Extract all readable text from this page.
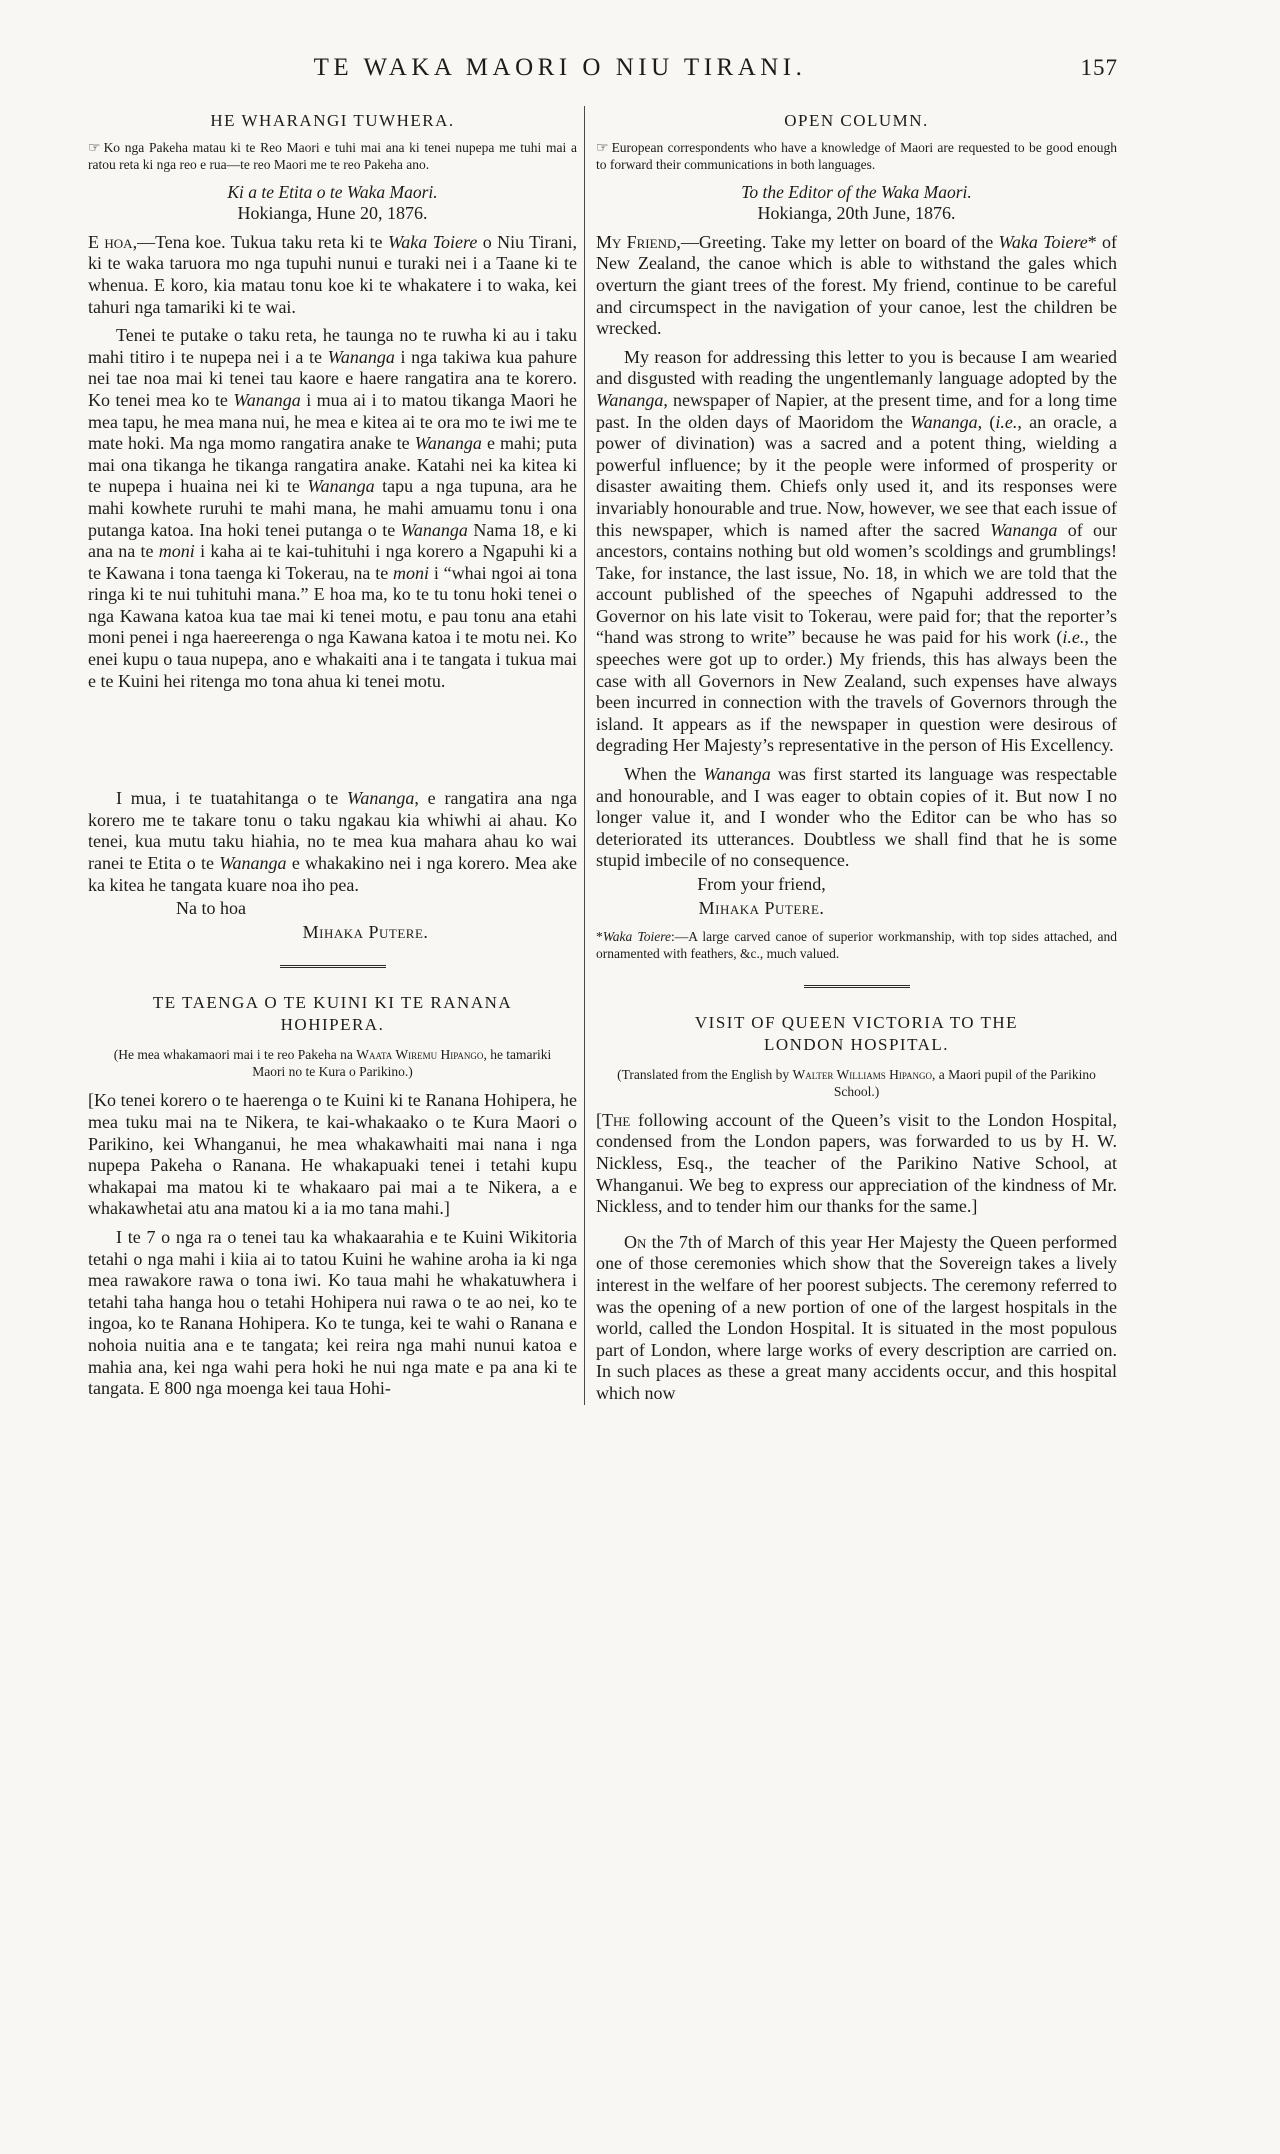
TE WAKA MAORI O NIU TIRANI.	157
HE WHARANGI TUWHERA.

☞ Ko nga Pakeha matau ki te Reo Maori e tuhi mai ana ki tenei nupepa me tuhi mai a ratou reta ki nga reo e rua—te reo Maori me te reo Pakeha ano.

Ki a te Etita o te Waka Maori.

Hokianga, Hune 20, 1876.

E hoa,—Tena koe. Tukua taku reta ki te Waka Toiere o Niu Tirani, ki te waka taruora mo nga tupuhi nunui e turaki nei i a Taane ki te whenua. E koro, kia matau tonu koe ki te whakatere i to waka, kei tahuri nga tamariki ki te wai.

Tenei te putake o taku reta, he taunga no te ruwha ki au i taku mahi titiro i te nupepa nei i a te Wananga i nga takiwa kua pahure nei tae noa mai ki tenei tau kaore e haere rangatira ana te korero. Ko tenei mea ko te Wananga i mua ai i to matou tikanga Maori he mea tapu, he mea mana nui, he mea e kitea ai te ora mo te iwi me te mate hoki. Ma nga momo rangatira anake te Wananga e mahi; puta mai ona tikanga he tikanga rangatira anake. Katahi nei ka kitea ki te nupepa i huaina nei ki te Wananga tapu a nga tupuna, ara he mahi kowhete ruruhi te mahi mana, he mahi amuamu tonu i ona putanga katoa. Ina hoki tenei putanga o te Wananga Nama 18, e ki ana na te moni i kaha ai te kai-tuhituhi i nga korero a Ngapuhi ki a te Kawana i tona taenga ki Tokerau, na te moni i “whai ngoi ai tona ringa ki te nui tuhituhi mana.” E hoa ma, ko te tu tonu hoki tenei o nga Kawana katoa kua tae mai ki tenei motu, e pau tonu ana etahi moni penei i nga haereerenga o nga Kawana katoa i te motu nei. Ko enei kupu o taua nupepa, ano e whakaiti ana i te tangata i tukua mai e te Kuini hei ritenga mo tona ahua ki tenei motu.

I mua, i te tuatahitanga o te Wananga, e rangatira ana nga korero me te takare tonu o taku ngakau kia whiwhi ai ahau. Ko tenei, kua mutu taku hiahia, no te mea kua mahara ahau ko wai ranei te Etita o te Wananga e whakakino nei i nga korero. Mea ake ka kitea he tangata kuare noa iho pea.

Na to hoa

Mihaka Putere.

TE TAENGA O TE KUINI KI TE RANANA HOHIPERA.

(He mea whakamaori mai i te reo Pakeha na Waata Wiremu Hipango, he tamariki Maori no te Kura o Parikino.)

[Ko tenei korero o te haerenga o te Kuini ki te Ranana Hohipera, he mea tuku mai na te Nikera, te kai-whakaako o te Kura Maori o Parikino, kei Whanganui, he mea whakawhaiti mai nana i nga nupepa Pakeha o Ranana. He whakapuaki tenei i tetahi kupu whakapai ma matou ki te whakaaro pai mai a te Nikera, a e whakawhetai atu ana matou ki a ia mo tana mahi.]

I te 7 o nga ra o tenei tau ka whakaarahia e te Kuini Wikitoria tetahi o nga mahi i kiia ai to tatou Kuini he wahine aroha ia ki nga mea rawakore rawa o tona iwi. Ko taua mahi he whakatuwhera i tetahi taha hanga hou o tetahi Hohipera nui rawa o te ao nei, ko te ingoa, ko te Ranana Hohipera. Ko te tunga, kei te wahi o Ranana e nohoia nuitia ana e te tangata; kei reira nga mahi nunui katoa e mahia ana, kei nga wahi pera hoki he nui nga mate e pa ana ki te tangata. E 800 nga moenga kei taua Hohi-

OPEN COLUMN.

☞ European correspondents who have a knowledge of Maori are requested to be good enough to forward their communications in both languages.

To the Editor of the Waka Maori.

Hokianga, 20th June, 1876.

My Friend,—Greeting. Take my letter on board of the Waka Toiere* of New Zealand, the canoe which is able to withstand the gales which overturn the giant trees of the forest. My friend, continue to be careful and circumspect in the navigation of your canoe, lest the children be wrecked.

My reason for addressing this letter to you is because I am wearied and disgusted with reading the ungentlemanly language adopted by the Wananga, newspaper of Napier, at the present time, and for a long time past. In the olden days of Maoridom the Wananga, (i.e., an oracle, a power of divination) was a sacred and a potent thing, wielding a powerful influence; by it the people were informed of prosperity or disaster awaiting them. Chiefs only used it, and its responses were invariably honourable and true. Now, however, we see that each issue of this newspaper, which is named after the sacred Wananga of our ancestors, contains nothing but old women’s scoldings and grumblings! Take, for instance, the last issue, No. 18, in which we are told that the account published of the speeches of Ngapuhi addressed to the Governor on his late visit to Tokerau, were paid for; that the reporter’s “hand was strong to write” because he was paid for his work (i.e., the speeches were got up to order.) My friends, this has always been the case with all Governors in New Zealand, such expenses have always been incurred in connection with the travels of Governors through the island. It appears as if the newspaper in question were desirous of degrading Her Majesty’s representative in the person of His Excellency.

When the Wananga was first started its language was respectable and honourable, and I was eager to obtain copies of it. But now I no longer value it, and I wonder who the Editor can be who has so deteriorated its utterances. Doubtless we shall find that he is some stupid imbecile of no consequence.

From your friend,

Mihaka Putere.

*Waka Toiere:—A large carved canoe of superior workmanship, with top sides attached, and ornamented with feathers, &c., much valued.

VISIT OF QUEEN VICTORIA TO THE LONDON HOSPITAL.

(Translated from the English by Walter Williams Hipango, a Maori pupil of the Parikino School.)

[The following account of the Queen’s visit to the London Hospital, condensed from the London papers, was forwarded to us by H. W. Nickless, Esq., the teacher of the Parikino Native School, at Whanganui. We beg to express our appreciation of the kindness of Mr. Nickless, and to tender him our thanks for the same.]

On the 7th of March of this year Her Majesty the Queen performed one of those ceremonies which show that the Sovereign takes a lively interest in the welfare of her poorest subjects. The ceremony referred to was the opening of a new portion of one of the largest hospitals in the world, called the London Hospital. It is situated in the most populous part of London, where large works of every description are carried on. In such places as these a great many accidents occur, and this hospital which now
